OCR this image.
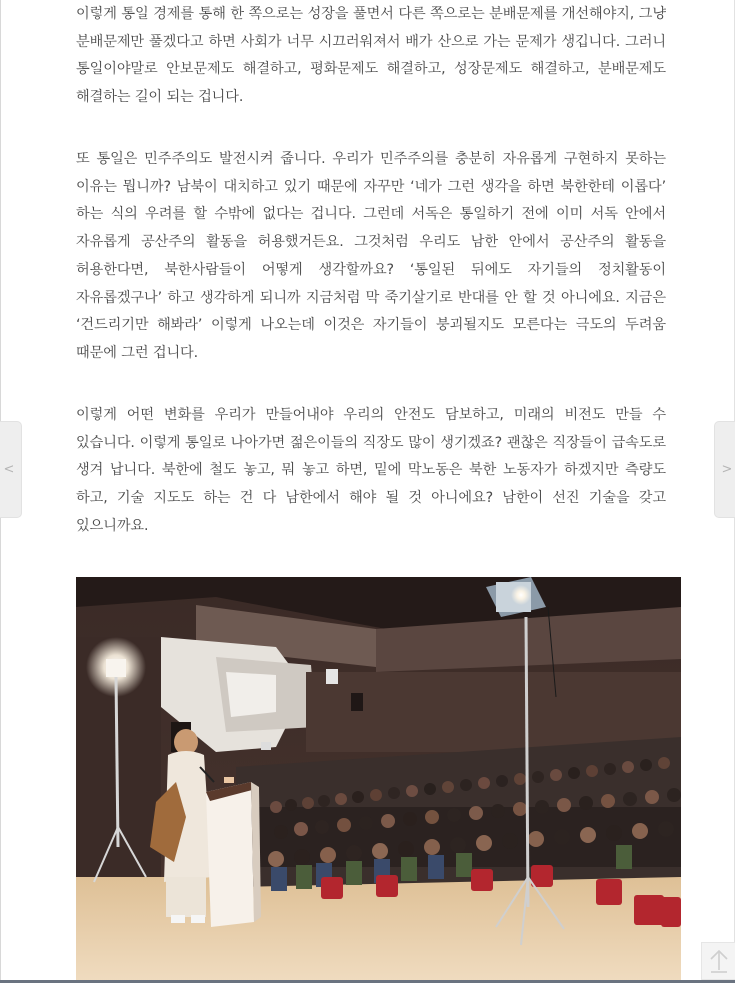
이렇게 통일 경제를 통해 한 쪽으로는 성장을 풀면서 다른 쪽으로는 분배문제를 개선해야지, 그냥 분배문제만 풀겠다고 하면 사회가 너무 시끄러워져서 배가 산으로 가는 문제가 생깁니다. 그러니 통일이야말로 안보문제도 해결하고, 평화문제도 해결하고, 성장문제도 해결하고, 분배문제도 해결하는 길이 되는 겁니다.

또 통일은 민주주의도 발전시켜 줍니다. 우리가 민주주의를 충분히 자유롭게 구현하지 못하는 이유는 뭡니까? 남북이 대치하고 있기 때문에 자꾸만 ‘네가 그런 생각을 하면 북한한테 이롭다’ 하는 식의 우려를 할 수밖에 없다는 겁니다. 그런데 서독은 통일하기 전에 이미 서독 안에서 자유롭게 공산주의 활동을 허용했거든요. 그것처럼 우리도 남한 안에서 공산주의 활동을 허용한다면, 북한사람들이 어떻게 생각할까요? ‘통일된 뒤에도 자기들의 정치활동이 자유롭겠구나’ 하고 생각하게 되니까 지금처럼 막 죽기살기로 반대를 안 할 것 아니에요. 지금은 ‘건드리기만 해봐라’ 이렇게 나오는데 이것은 자기들이 붕괴될지도 모른다는 극도의 두려움 때문에 그런 겁니다.

이렇게 어떤 변화를 우리가 만들어내야 우리의 안전도 담보하고, 미래의 비전도 만들 수 있습니다. 이렇게 통일로 나아가면 젊은이들의 직장도 많이 생기겠죠? 괜찮은 직장들이 급속도로 생겨 납니다. 북한에 철도 놓고, 뭐 놓고 하면, 밑에 막노동은 북한 노동자가 하겠지만 측량도 하고, 기술 지도도 하는 건 다 남한에서 해야 될 것 아니에요? 남한이 선진 기술을 갖고 있으니까요.

<	>
